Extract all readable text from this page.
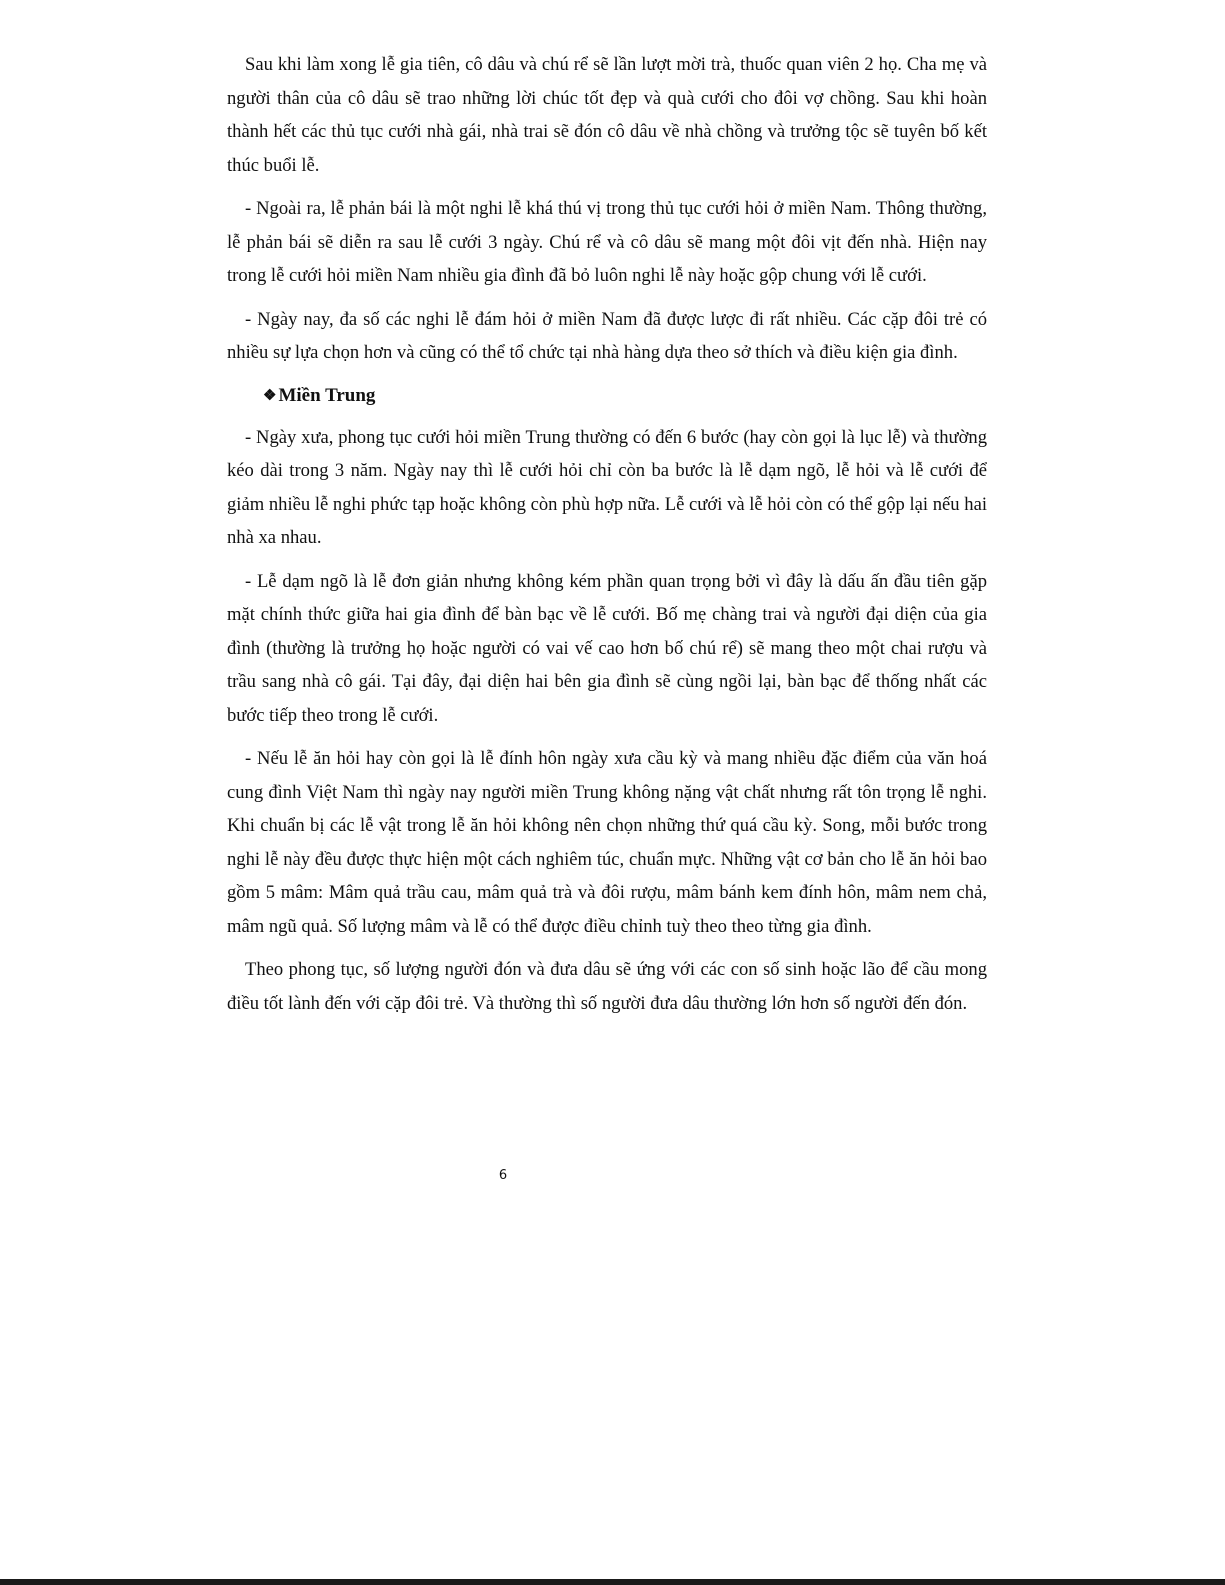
Sau khi làm xong lễ gia tiên, cô dâu và chú rể sẽ lần lượt mời trà, thuốc quan viên 2 họ. Cha mẹ và người thân của cô dâu sẽ trao những lời chúc tốt đẹp và quà cưới cho đôi vợ chồng. Sau khi hoàn thành hết các thủ tục cưới nhà gái, nhà trai sẽ đón cô dâu về nhà chồng và trưởng tộc sẽ tuyên bố kết thúc buổi lễ.

- Ngoài ra, lễ phản bái là một nghi lễ khá thú vị trong thủ tục cưới hỏi ở miền Nam. Thông thường, lễ phản bái sẽ diễn ra sau lễ cưới 3 ngày. Chú rể và cô dâu sẽ mang một đôi vịt đến nhà. Hiện nay trong lễ cưới hỏi miền Nam nhiều gia đình đã bỏ luôn nghi lễ này hoặc gộp chung với lễ cưới.

- Ngày nay, đa số các nghi lễ đám hỏi ở miền Nam đã được lược đi rất nhiều. Các cặp đôi trẻ có nhiều sự lựa chọn hơn và cũng có thể tổ chức tại nhà hàng dựa theo sở thích và điều kiện gia đình.

❖ Miền Trung

- Ngày xưa, phong tục cưới hỏi miền Trung thường có đến 6 bước (hay còn gọi là lục lễ) và thường kéo dài trong 3 năm. Ngày nay thì lễ cưới hỏi chỉ còn ba bước là lễ dạm ngõ, lễ hỏi và lễ cưới để giảm nhiều lễ nghi phức tạp hoặc không còn phù hợp nữa. Lễ cưới và lễ hỏi còn có thể gộp lại nếu hai nhà xa nhau.

- Lễ dạm ngõ là lễ đơn giản nhưng không kém phần quan trọng bởi vì đây là dấu ấn đầu tiên gặp mặt chính thức giữa hai gia đình để bàn bạc về lễ cưới. Bố mẹ chàng trai và người đại diện của gia đình (thường là trưởng họ hoặc người có vai vế cao hơn bố chú rể) sẽ mang theo một chai rượu và trầu sang nhà cô gái. Tại đây, đại diện hai bên gia đình sẽ cùng ngồi lại, bàn bạc để thống nhất các bước tiếp theo trong lễ cưới.

- Nếu lễ ăn hỏi hay còn gọi là lễ đính hôn ngày xưa cầu kỳ và mang nhiều đặc điểm của văn hoá cung đình Việt Nam thì ngày nay người miền Trung không nặng vật chất nhưng rất tôn trọng lễ nghi. Khi chuẩn bị các lễ vật trong lễ ăn hỏi không nên chọn những thứ quá cầu kỳ. Song, mỗi bước trong nghi lễ này đều được thực hiện một cách nghiêm túc, chuẩn mực. Những vật cơ bản cho lễ ăn hỏi bao gồm 5 mâm: Mâm quả trầu cau, mâm quả trà và đôi rượu, mâm bánh kem đính hôn, mâm nem chả, mâm ngũ quả. Số lượng mâm và lễ có thể được điều chỉnh tuỳ theo theo từng gia đình.

Theo phong tục, số lượng người đón và đưa dâu sẽ ứng với các con số sinh hoặc lão để cầu mong điều tốt lành đến với cặp đôi trẻ. Và thường thì số người đưa dâu thường lớn hơn số người đến đón.

6
